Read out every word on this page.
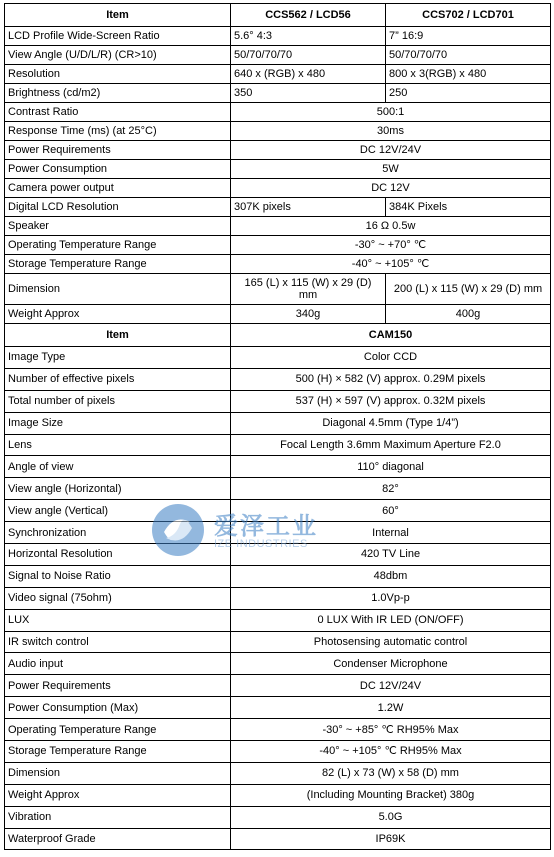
Item	CCS562 / LCD56	CCS702 / LCD701
LCD Profile Wide-Screen Ratio	5.6° 4:3	7” 16:9
View Angle (U/D/L/R) (CR>10)	50/70/70/70	50/70/70/70
Resolution	640 x (RGB) x 480	800 x 3(RGB) x 480
Brightness (cd/m2)	350	250
Contrast Ratio	500:1	
Response Time (ms) (at 25°C)	30ms	
Power Requirements	DC 12V/24V	
Power Consumption	5W	
Camera power output	DC 12V	
Digital LCD Resolution	307K pixels	384K Pixels
Speaker	16 Ω 0.5w	
Operating Temperature Range	-30° ~ +70° ℃	
Storage Temperature Range	-40° ~ +105° ℃	
Dimension	165 (L) x 115 (W) x 29 (D) mm	200 (L) x 115 (W) x 29 (D) mm
Weight Approx	340g	400g
Item	CAM150	
Image Type	Color CCD	
Number of effective pixels	500 (H) × 582 (V) approx. 0.29M pixels	
Total number of pixels	537 (H) × 597 (V) approx. 0.32M pixels	
Image Size	Diagonal 4.5mm (Type 1/4”)	
Lens	Focal Length 3.6mm Maximum Aperture F2.0	
Angle of view	110° diagonal	
View angle (Horizontal)	82°	
View angle (Vertical)	60°	
Synchronization	Internal	
Horizontal Resolution	420 TV Line	
Signal to Noise Ratio	48dbm	
Video signal (75ohm)	1.0Vp-p	
LUX	0 LUX With IR LED (ON/OFF)	
IR switch control	Photosensing automatic control	
Audio input	Condenser Microphone	
Power Requirements	DC 12V/24V	
Power Consumption (Max)	1.2W	
Operating Temperature Range	-30° ~ +85° ℃ RH95% Max	
Storage Temperature Range	-40° ~ +105° ℃ RH95% Max	
Dimension	82 (L) x 73 (W) x 58 (D) mm	
Weight Approx	(Including Mounting Bracket) 380g	
Vibration	5.0G	
Waterproof Grade	IP69K	
爱泽工业
IZE INDUSTRIES
